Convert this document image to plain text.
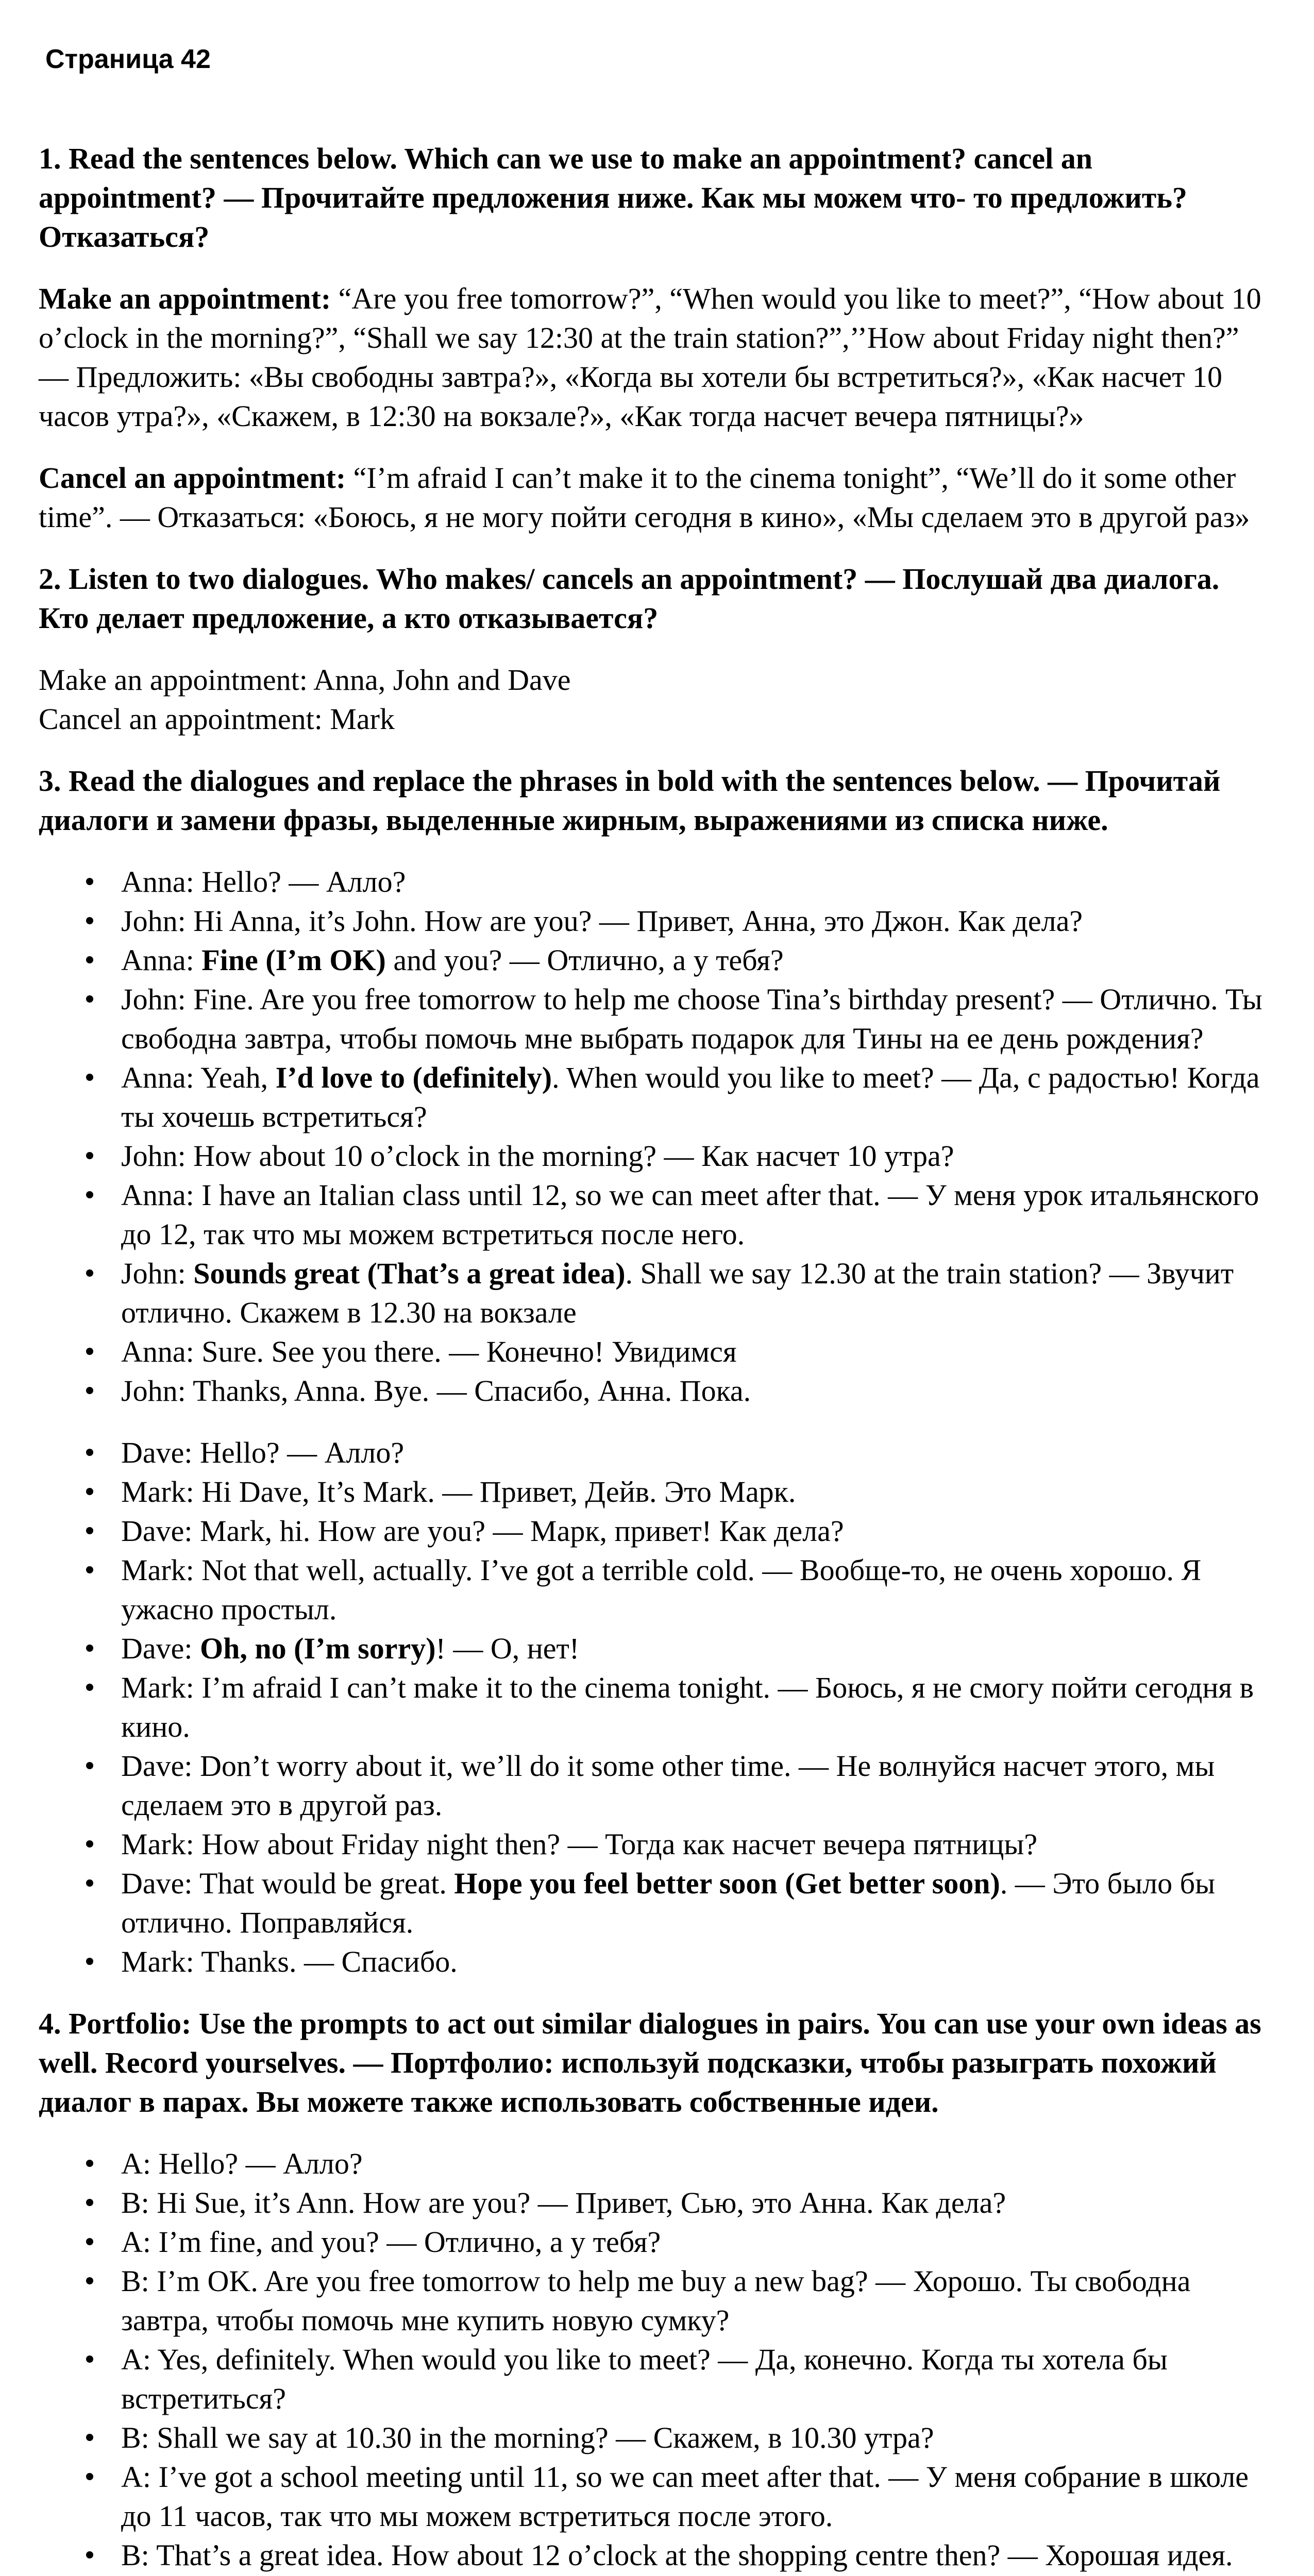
Страница 42

1. Read the sentences below. Which can we use to make an appointment? cancel an appointment? — Прочитайте предложения ниже. Как мы можем что- то предложить? Отказаться?

Make an appointment: “Are you free tomorrow?”, “When would you like to meet?”, “How about 10 o’clock in the morning?”, “Shall we say 12:30 at the train station?”,’’How about Friday night then?” — Предложить: «Вы свободны завтра?», «Когда вы хотели бы встретиться?», «Как насчет 10 часов утра?», «Скажем, в 12:30 на вокзале?», «Как тогда насчет вечера пятницы?»

Cancel an appointment: “I’m afraid I can’t make it to the cinema tonight”, “We’ll do it some other time”. — Отказаться: «Боюсь, я не могу пойти сегодня в кино», «Мы сделаем это в другой раз»

2. Listen to two dialogues. Who makes/ cancels an appointment? — Послушай два диалога. Кто делает предложение, а кто отказывается?

Make an appointment: Anna, John and Dave
Cancel an appointment: Mark

3. Read the dialogues and replace the phrases in bold with the sentences below. — Прочитай диалоги и замени фразы, выделенные жирным, выражениями из списка ниже.

Anna: Hello? — Алло?
John: Hi Anna, it’s John. How are you? — Привет, Анна, это Джон. Как дела?
Anna: Fine (I’m OK) and you? — Отлично, а у тебя?
John: Fine. Are you free tomorrow to help me choose Tina’s birthday present? — Отлично. Ты свободна завтра, чтобы помочь мне выбрать подарок для Тины на ее день рождения?
Anna: Yeah, I’d love to (definitely). When would you like to meet? — Да, с радостью! Когда ты хочешь встретиться?
John: How about 10 o’clock in the morning? — Как насчет 10 утра?
Anna: I have an Italian class until 12, so we can meet after that. — У меня урок итальянского до 12, так что мы можем встретиться после него.
John: Sounds great (That’s a great idea). Shall we say 12.30 at the train station? — Звучит отлично. Скажем в 12.30 на вокзале
Anna: Sure. See you there. — Конечно! Увидимся
John: Thanks, Anna. Bye. — Спасибо, Анна. Пока.
Dave: Hello? — Алло?
Mark: Hi Dave, It’s Mark. — Привет, Дейв. Это Марк.
Dave: Mark, hi. How are you? — Марк, привет! Как дела?
Mark: Not that well, actually. I’ve got a terrible cold. — Вообще-то, не очень хорошо. Я ужасно простыл.
Dave: Oh, no (I’m sorry)! — О, нет!
Mark: I’m afraid I can’t make it to the cinema tonight. — Боюсь, я не смогу пойти сегодня в кино.
Dave: Don’t worry about it, we’ll do it some other time. — Не волнуйся насчет этого, мы сделаем это в другой раз.
Mark: How about Friday night then? — Тогда как насчет вечера пятницы?
Dave: That would be great. Hope you feel better soon (Get better soon). — Это было бы отлично. Поправляйся.
Mark: Thanks. — Спасибо.

4. Portfolio: Use the prompts to act out similar dialogues in pairs. You can use your own ideas as well. Record yourselves. — Портфолио: используй подсказки, чтобы разыграть похожий диалог в парах. Вы можете также использовать собственные идеи.

A: Hello? — Алло?
B: Hi Sue, it’s Ann. How are you? — Привет, Сью, это Анна. Как дела?
A: I’m fine, and you? — Отлично, а у тебя?
B: I’m OK. Are you free tomorrow to help me buy a new bag? — Хорошо. Ты свободна завтра, чтобы помочь мне купить новую сумку?
A: Yes, definitely. When would you like to meet? — Да, конечно. Когда ты хотела бы встретиться?
B: Shall we say at 10.30 in the morning? — Скажем, в 10.30 утра?
A: I’ve got a school meeting until 11, so we can meet after that. — У меня собрание в школе до 11 часов, так что мы можем встретиться после этого.
B: That’s a great idea. How about 12 o’clock at the shopping centre then? — Хорошая идея.
